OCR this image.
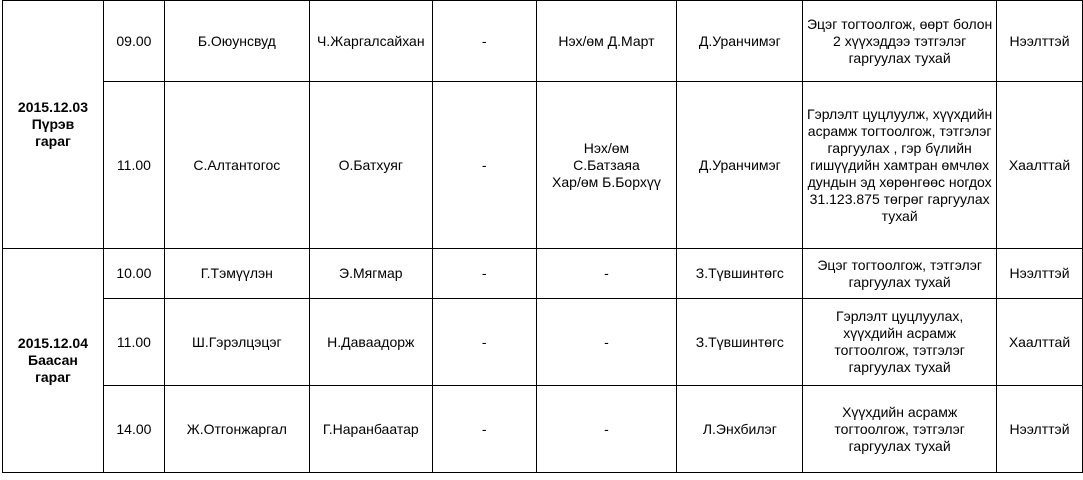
2015.12.03
Пүрэв
гараг	09.00	Б.Оюунсвуд	Ч.Жаргалсайхан	-	Нэх/өм Д.Март	Д.Уранчимэг	Эцэг тогтоолгож, өөрт болон 2 хүүхэддээ тэтгэлэг гаргуулах тухай	Нээлттэй
	11.00	С.Алтантогос	О.Батхуяг	-	Нэх/өм
С.Батзаяа
Хар/өм Б.Борхүү	Д.Уранчимэг	Гэрлэлт цуцлуулж, хүүхдийн асрамж тогтоолгож, тэтгэлэг гаргуулах , гэр бүлийн гишүүдийн хамтран өмчлөх дундын эд хөрөнгөөс ногдох 31.123.875 төгрөг гаргуулах тухай	Хаалттай

2015.12.04
Баасан
гараг	10.00	Г.Тэмүүлэн	Э.Мягмар	-	-	З.Түвшинтөгс	Эцэг тогтоолгож, тэтгэлэг гаргуулах тухай	Нээлттэй
	11.00	Ш.Гэрэлцэцэг	Н.Даваадорж	-	-	З.Түвшинтөгс	Гэрлэлт цуцлуулах, хүүхдийн асрамж тогтоолгож, тэтгэлэг гаргуулах тухай	Хаалттай
	14.00	Ж.Отгонжаргал	Г.Наранбаатар	-	-	Л.Энхбилэг	Хүүхдийн асрамж тогтоолгож, тэтгэлэг гаргуулах тухай	Нээлттэй
